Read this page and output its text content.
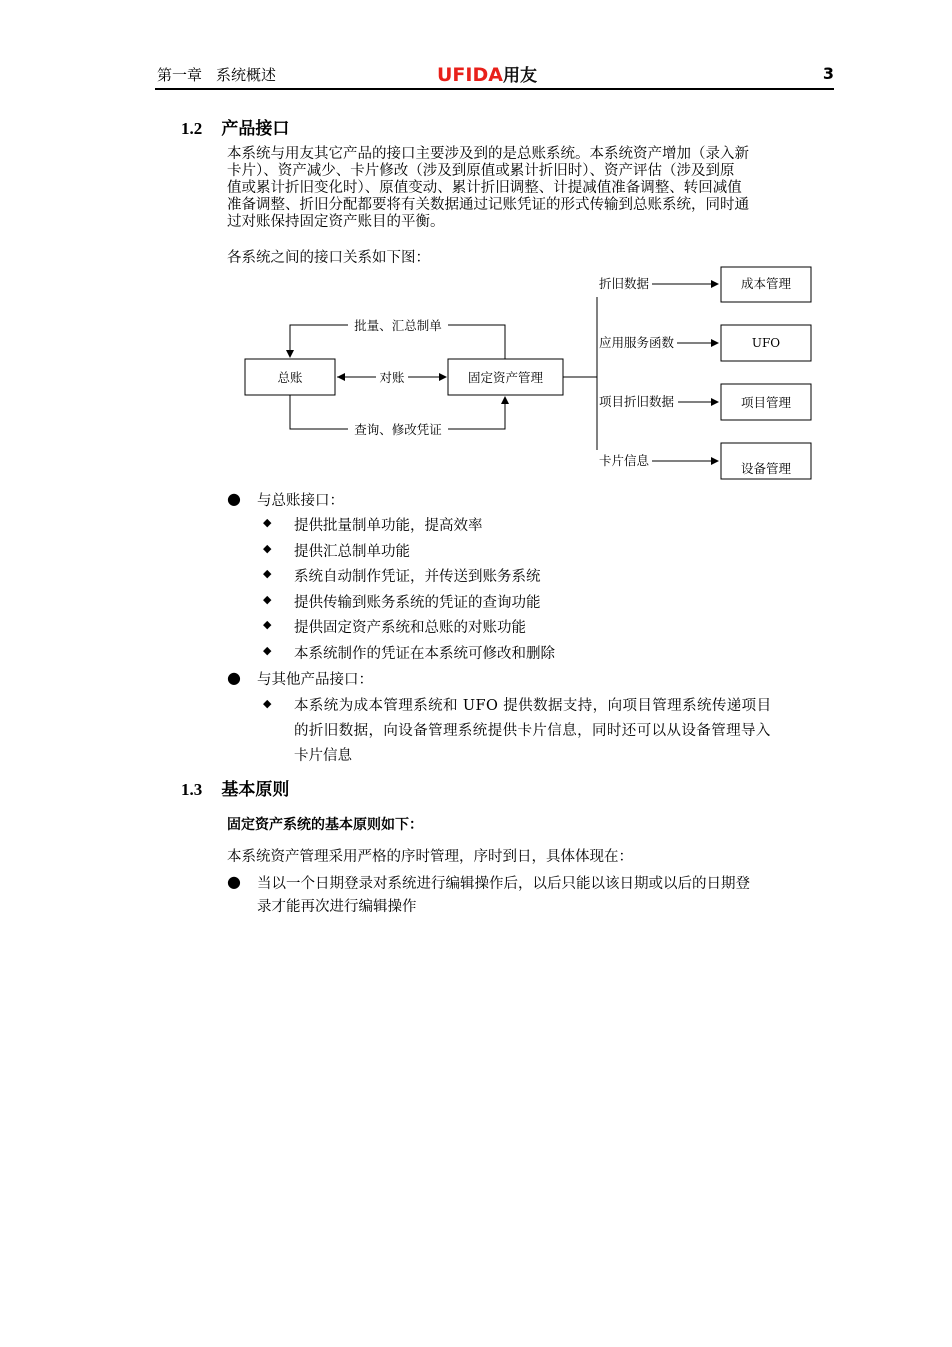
第一章 系统概述	UFIDA用友	3
1.2 产品接口
本系统与用友其它产品的接口主要涉及到的是总账系统。本系统资产增加（录入新
卡片）、资产减少、卡片修改（涉及到原值或累计折旧时）、资产评估（涉及到原
值或累计折旧变化时）、原值变动、累计折旧调整、计提减值准备调整、转回减值
准备调整、折旧分配都要将有关数据通过记账凭证的形式传输到总账系统，同时通
过对账保持固定资产账目的平衡。
各系统之间的接口关系如下图：
总账	固定资产管理
批量、汇总制单
对账
查询、修改凭证
折旧数据	成本管理
应用服务函数	UFO
项目折旧数据	项目管理
卡片信息
设备管理
● 与总账接口：
◆ 提供批量制单功能，提高效率
◆ 提供汇总制单功能
◆ 系统自动制作凭证，并传送到账务系统
◆ 提供传输到账务系统的凭证的查询功能
◆ 提供固定资产系统和总账的对账功能
◆ 本系统制作的凭证在本系统可修改和删除
● 与其他产品接口：
◆ 本系统为成本管理系统和 UFO 提供数据支持，向项目管理系统传递项目
的折旧数据，向设备管理系统提供卡片信息，同时还可以从设备管理导入
卡片信息
1.3 基本原则
固定资产系统的基本原则如下：
本系统资产管理采用严格的序时管理，序时到日，具体体现在：
● 当以一个日期登录对系统进行编辑操作后，以后只能以该日期或以后的日期登
录才能再次进行编辑操作
